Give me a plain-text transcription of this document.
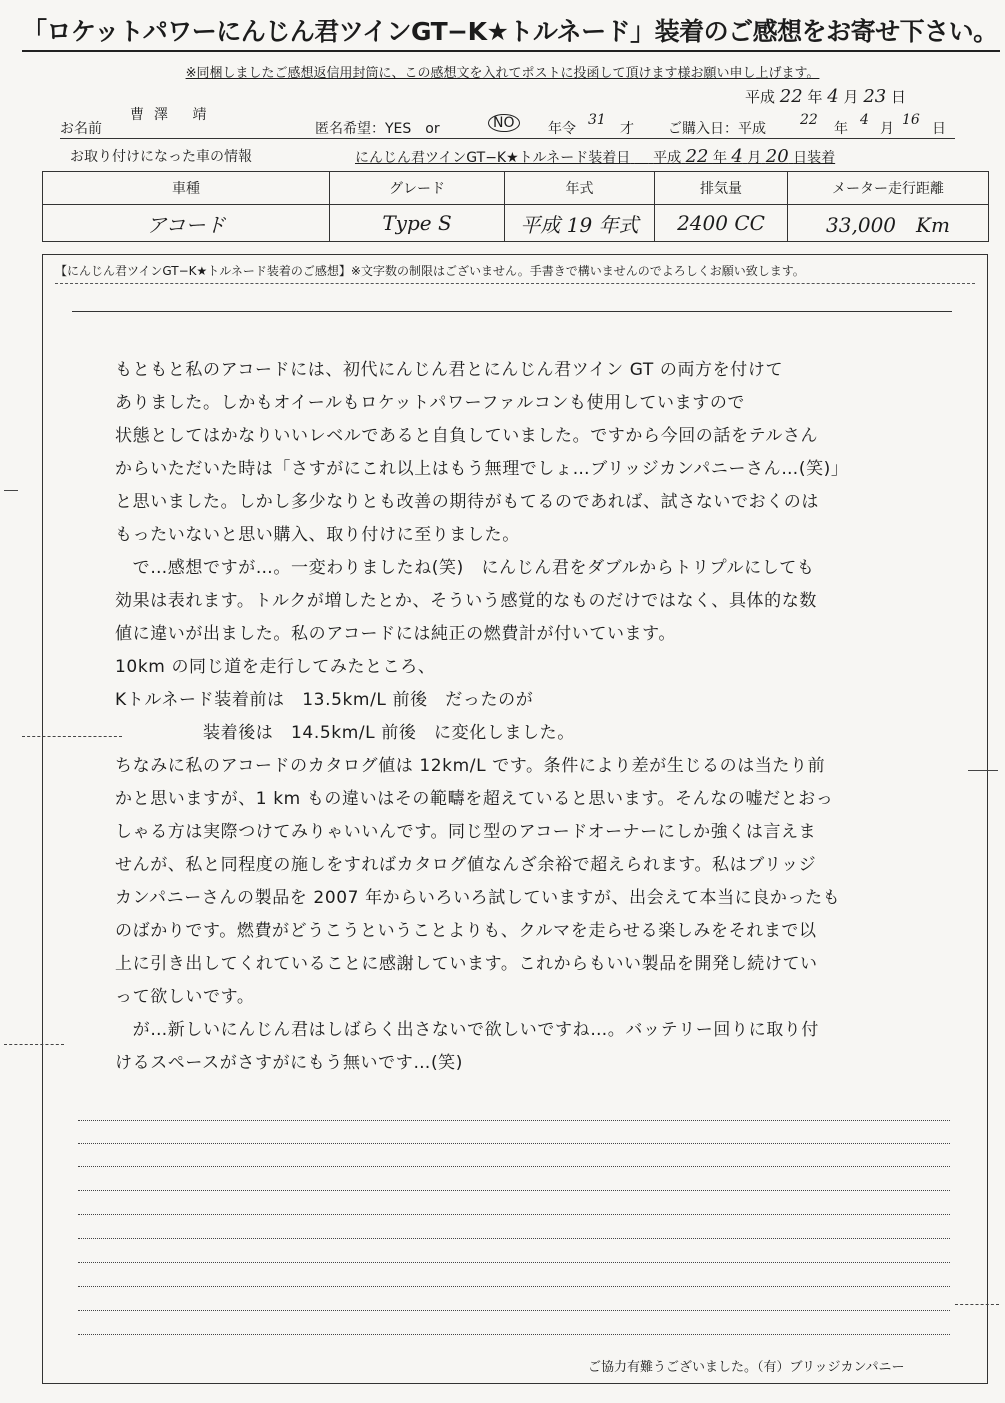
「ロケットパワーにんじん君ツインGT−K★トルネード」装着のご感想をお寄せ下さい。
※同梱しましたご感想返信用封筒に、この感想文を入れてポストに投函して頂けます様お願い申し上げます。
平成 22 年 4 月 23 日
お名前
曹澤 靖
匿名希望：YES　or	NO	年令
31
才 ご購入日：平成
22
年
4
月
16
日
お取り付けになった車の情報	にんじん君ツインGT−K★トルネード装着日 　 平成 22 年 4 月 20 日装着
車種	グレード	年式	排気量	メーター走行距離
アコード	Type S	平成 19 年式	2400 CC	33,000　Km
【にんじん君ツインGT−K★トルネード装着のご感想】※文字数の制限はございません。手書きで構いませんのでよろしくお願い致します。

もともと私のアコードには、初代にんじん君とにんじん君ツイン GT の両方を付けて

ありました。しかもオイールもロケットパワーファルコンも使用していますので

状態としてはかなりいいレベルであると自負していました。ですから今回の話をテルさん

からいただいた時は「さすがにこれ以上はもう無理でしょ…ブリッジカンパニーさん…(笑)」

と思いました。しかし多少なりとも改善の期待がもてるのであれば、試さないでおくのは

もったいないと思い購入、取り付けに至りました。

　で…感想ですが…。一変わりましたね(笑)　にんじん君をダブルからトリプルにしても

効果は表れます。トルクが増したとか、そういう感覚的なものだけではなく、具体的な数

値に違いが出ました。私のアコードには純正の燃費計が付いています。

10km の同じ道を走行してみたところ、

Kトルネード装着前は　13.5km/L 前後　だったのが

　　　　　装着後は　14.5km/L 前後　に変化しました。

ちなみに私のアコードのカタログ値は 12km/L です。条件により差が生じるのは当たり前

かと思いますが、1 km もの違いはその範疇を超えていると思います。そんなの嘘だとおっ

しゃる方は実際つけてみりゃいいんです。同じ型のアコードオーナーにしか強くは言えま

せんが、私と同程度の施しをすればカタログ値なんざ余裕で超えられます。私はブリッジ

カンパニーさんの製品を 2007 年からいろいろ試していますが、出会えて本当に良かったも

のばかりです。燃費がどうこうということよりも、クルマを走らせる楽しみをそれまで以

上に引き出してくれていることに感謝しています。これからもいい製品を開発し続けてい

って欲しいです。

　が…新しいにんじん君はしばらく出さないで欲しいですね…。バッテリー回りに取り付

けるスペースがさすがにもう無いです…(笑)

ご協力有難うございました。（有）ブリッジカンパニー
